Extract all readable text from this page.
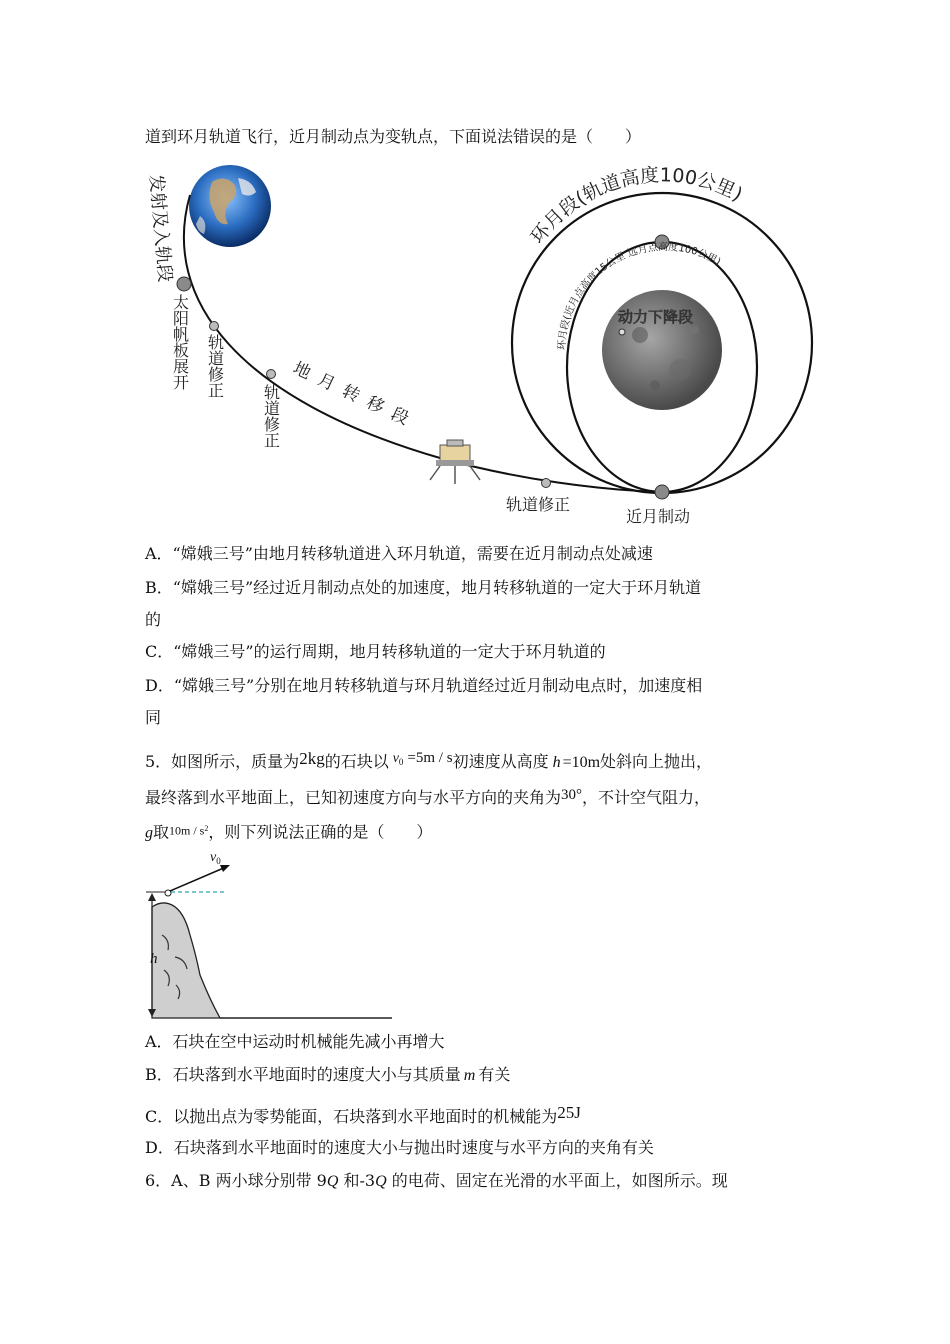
道到环月轨道飞行，近月制动点为变轨点，下面说法错误的是（　　）
发射及入轨段
太阳帆板展开 轨道修正
轨道修正 地月转移段
轨道修正
近月制动
环月段(轨道高度100公里)
环月段(近月点高度15公里 远月点高度100公里)
动力下降段
A．“嫦娥三号”由地月转移轨道进入环月轨道，需要在近月制动点处减速
B．“嫦娥三号”经过近月制动点处的加速度，地月转移轨道的一定大于环月轨道
的
C．“嫦娥三号”的运行周期，地月转移轨道的一定大于环月轨道的
D．“嫦娥三号”分别在地月转移轨道与环月轨道经过近月制动电点时，加速度相
同
5．如图所示，质量为2kg的石块以 $v_0 =5m / s$初速度从高度 h =10m处斜向上抛出，
最终落到水平地面上，已知初速度方向与水平方向的夹角为30°，不计空气阻力，
g取$10m / s^2$，则下列说法正确的是（　　）
h
$v_0$
A．石块在空中运动时机械能先减小再增大
B．石块落到水平地面时的速度大小与其质量 m 有关
C．以抛出点为零势能面，石块落到水平地面时的机械能为25J
D．石块落到水平地面时的速度大小与抛出时速度与水平方向的夹角有关
6．A、B 两小球分别带 9Q 和-3Q 的电荷、固定在光滑的水平面上，如图所示。现
